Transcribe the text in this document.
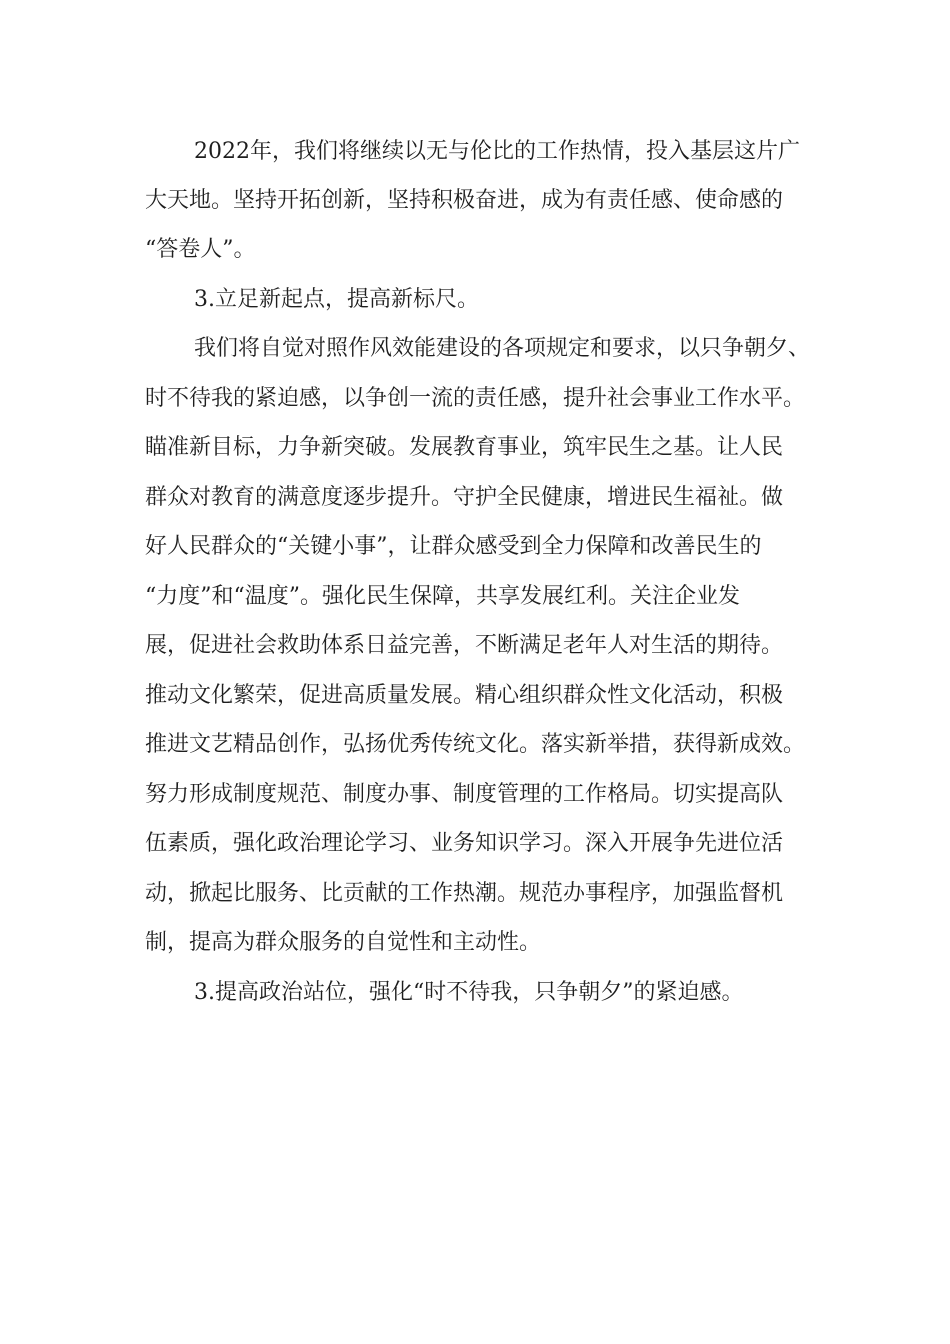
2022年，我们将继续以无与伦比的工作热情，投入基层这片广

大天地。坚持开拓创新，坚持积极奋进，成为有责任感、使命感的

“答卷人”。

3.立足新起点，提高新标尺。

我们将自觉对照作风效能建设的各项规定和要求，以只争朝夕、

时不待我的紧迫感，以争创一流的责任感，提升社会事业工作水平。

瞄准新目标，力争新突破。发展教育事业，筑牢民生之基。让人民

群众对教育的满意度逐步提升。守护全民健康，增进民生福祉。做

好人民群众的“关键小事”，让群众感受到全力保障和改善民生的

“力度”和“温度”。强化民生保障，共享发展红利。关注企业发

展，促进社会救助体系日益完善，不断满足老年人对生活的期待。

推动文化繁荣，促进高质量发展。精心组织群众性文化活动，积极

推进文艺精品创作，弘扬优秀传统文化。落实新举措，获得新成效。

努力形成制度规范、制度办事、制度管理的工作格局。切实提高队

伍素质，强化政治理论学习、业务知识学习。深入开展争先进位活

动，掀起比服务、比贡献的工作热潮。规范办事程序，加强监督机

制，提高为群众服务的自觉性和主动性。

3.提高政治站位，强化“时不待我，只争朝夕”的紧迫感。
